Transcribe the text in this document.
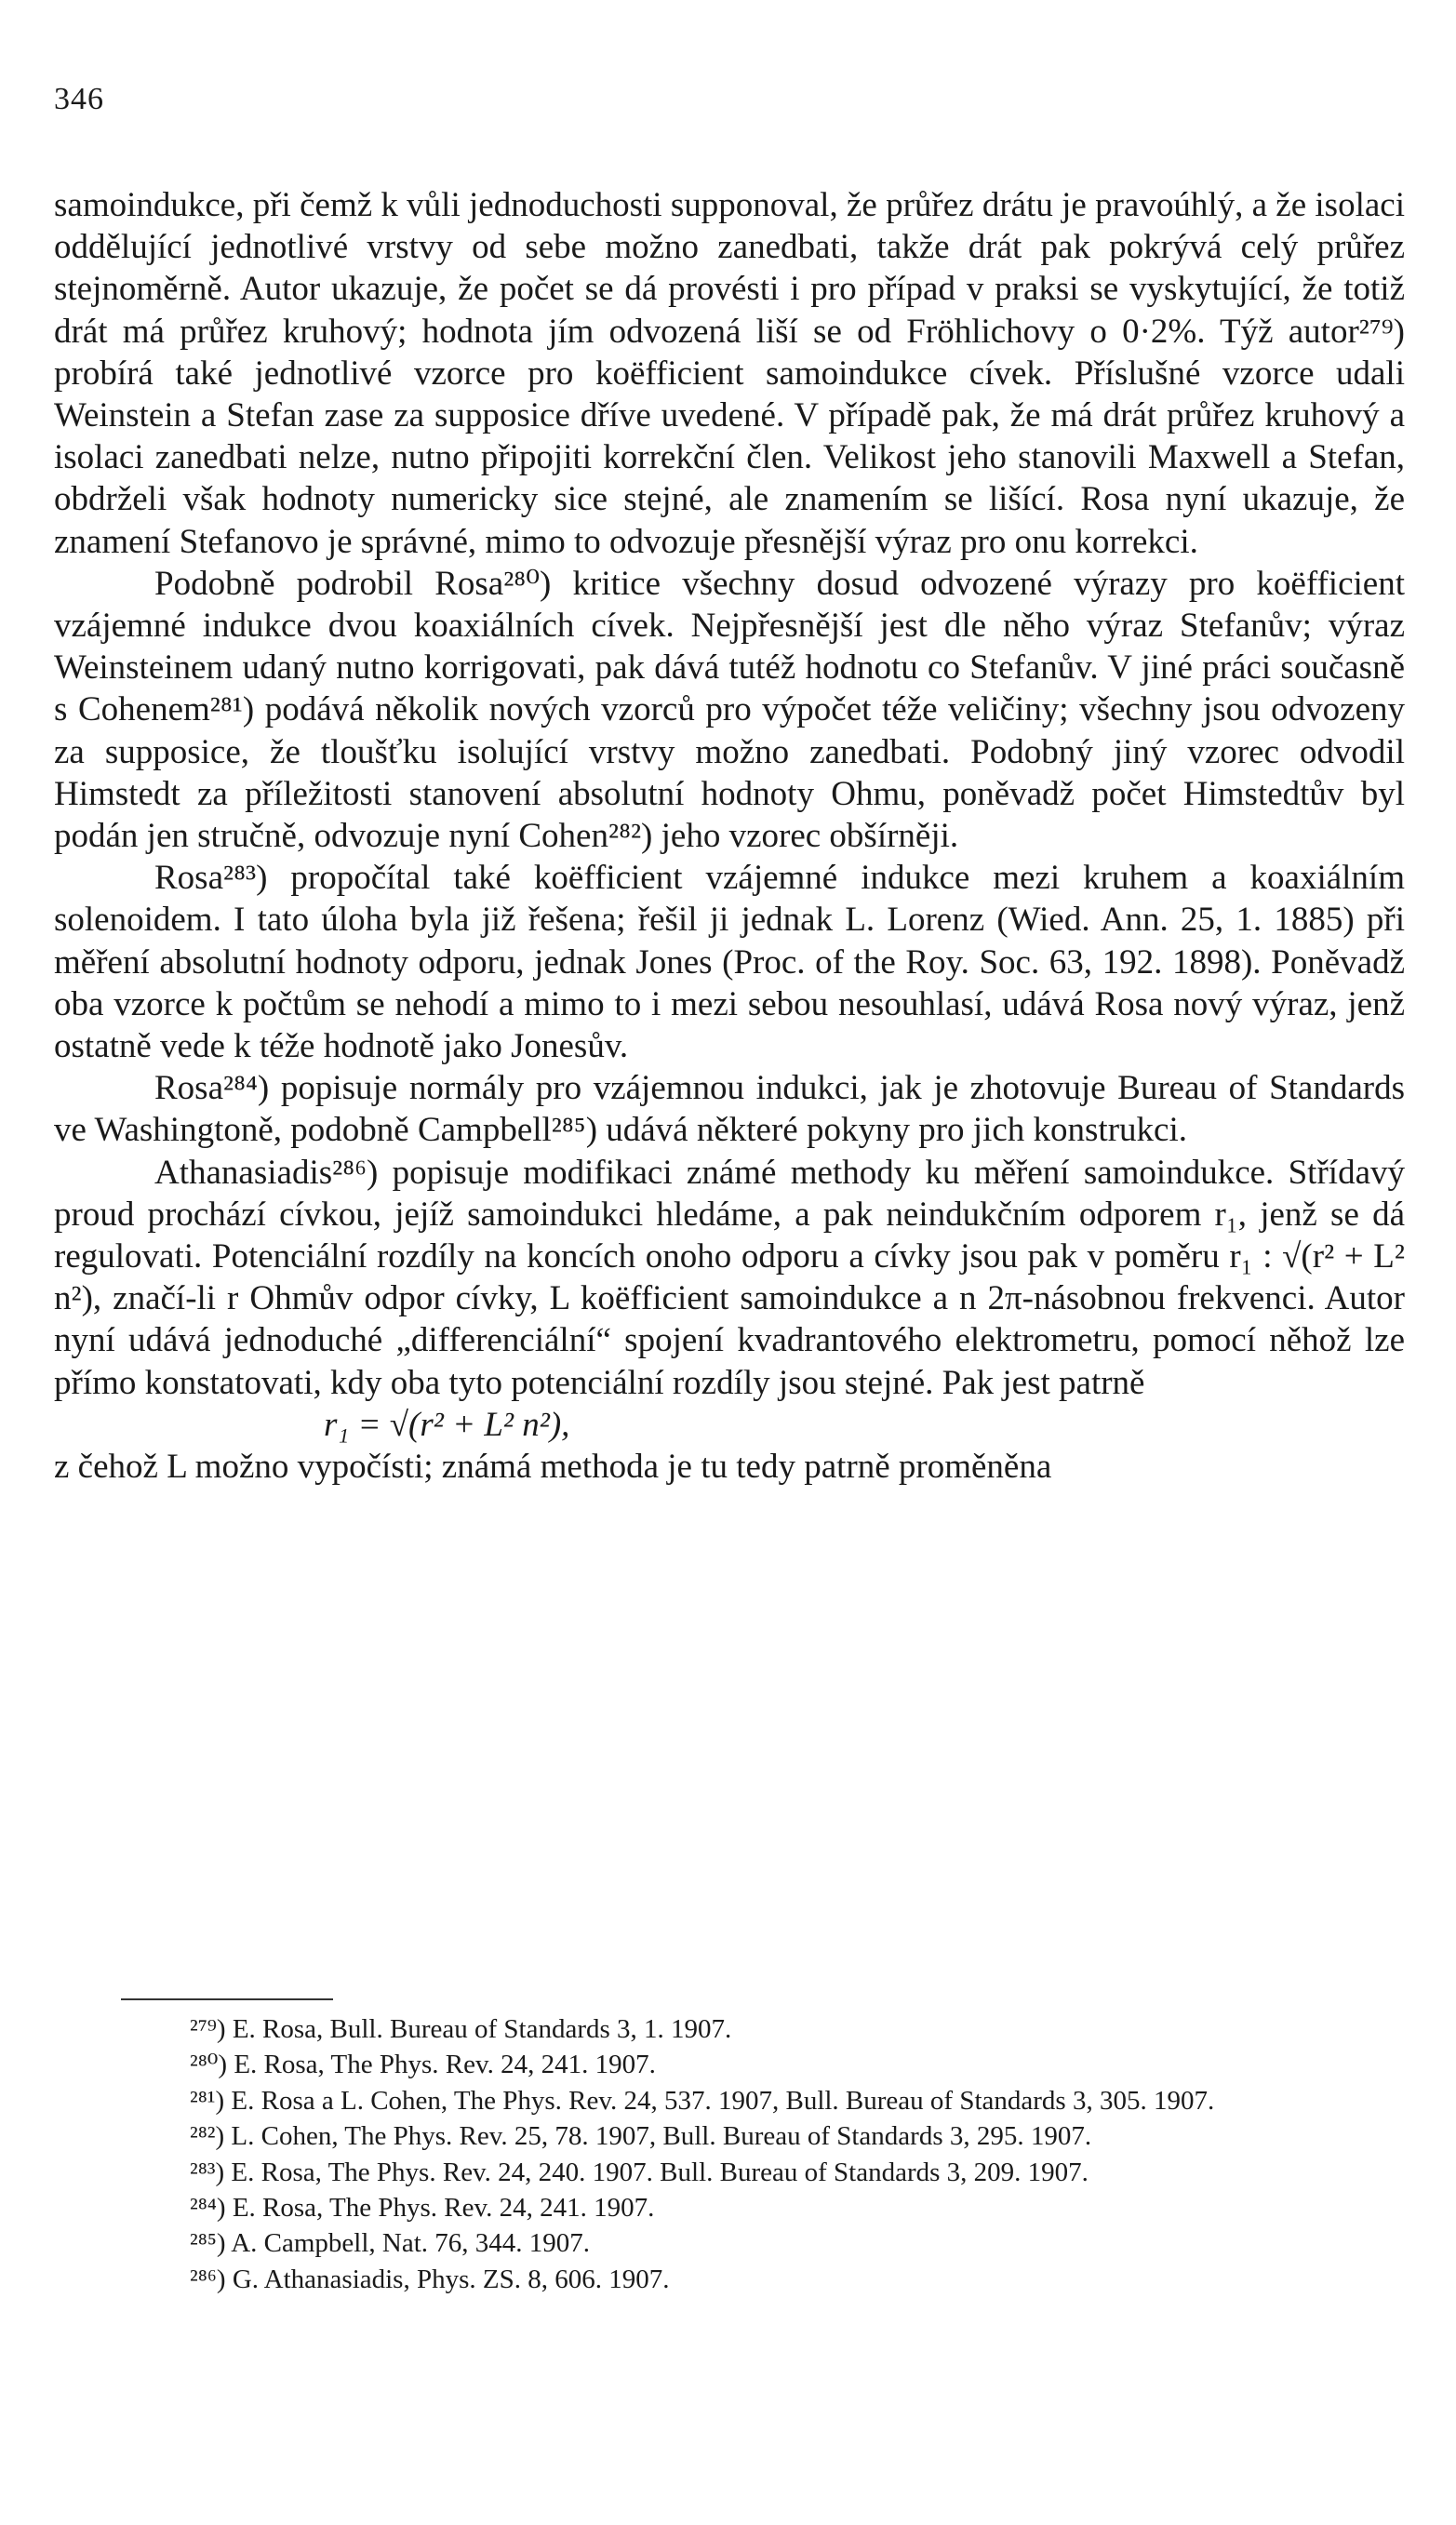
346

samoindukce, při čemž k vůli jednoduchosti supponoval, že průřez drátu je pravoúhlý, a že isolaci oddělující jednotlivé vrstvy od sebe možno zanedbati, takže drát pak pokrývá celý průřez stejnoměrně. Autor ukazuje, že počet se dá provésti i pro případ v praksi se vyskytující, že totiž drát má průřez kruhový; hodnota jím odvozená liší se od Fröhlichovy o 0·2%. Týž autor²⁷⁹) probírá také jednotlivé vzorce pro koëfficient samoindukce cívek. Příslušné vzorce udali Weinstein a Stefan zase za supposice dříve uvedené. V případě pak, že má drát průřez kruhový a isolaci zanedbati nelze, nutno připojiti korrekční člen. Velikost jeho stanovili Maxwell a Stefan, obdrželi však hodnoty numericky sice stejné, ale znamením se lišící. Rosa nyní ukazuje, že znamení Stefanovo je správné, mimo to odvozuje přesnější výraz pro onu korrekci.

Podobně podrobil Rosa²⁸⁰) kritice všechny dosud odvozené výrazy pro koëfficient vzájemné indukce dvou koaxiálních cívek. Nejpřesnější jest dle něho výraz Stefanův; výraz Weinsteinem udaný nutno korrigovati, pak dává tutéž hodnotu co Stefanův. V jiné práci současně s Cohenem²⁸¹) podává několik nových vzorců pro výpočet téže veličiny; všechny jsou odvozeny za supposice, že tloušťku isolující vrstvy možno zanedbati. Podobný jiný vzorec odvodil Himstedt za příležitosti stanovení absolutní hodnoty Ohmu, poněvadž počet Himstedtův byl podán jen stručně, odvozuje nyní Cohen²⁸²) jeho vzorec obšírněji.

Rosa²⁸³) propočítal také koëfficient vzájemné indukce mezi kruhem a koaxiálním solenoidem. I tato úloha byla již řešena; řešil ji jednak L. Lorenz (Wied. Ann. 25, 1. 1885) při měření absolutní hodnoty odporu, jednak Jones (Proc. of the Roy. Soc. 63, 192. 1898). Poněvadž oba vzorce k počtům se nehodí a mimo to i mezi sebou nesouhlasí, udává Rosa nový výraz, jenž ostatně vede k téže hodnotě jako Jonesův.

Rosa²⁸⁴) popisuje normály pro vzájemnou indukci, jak je zhotovuje Bureau of Standards ve Washingtoně, podobně Campbell²⁸⁵) udává některé pokyny pro jich konstrukci.

Athanasiadis²⁸⁶) popisuje modifikaci známé methody ku měření samoindukce. Střídavý proud prochází cívkou, jejíž samoindukci hledáme, a pak neindukčním odporem r₁, jenž se dá regulovati. Potenciální rozdíly na koncích onoho odporu a cívky jsou pak v poměru r₁ : √(r² + L² n²), značí-li r Ohmův odpor cívky, L koëfficient samoindukce a n 2π-násobnou frekvenci. Autor nyní udává jednoduché „differenciální“ spojení kvadrantového elektrometru, pomocí něhož lze přímo konstatovati, kdy oba tyto potenciální rozdíly jsou stejné. Pak jest patrně

r₁ = √(r² + L² n²),

z čehož L možno vypočísti; známá methoda je tu tedy patrně proměněna

²⁷⁹) E. Rosa, Bull. Bureau of Standards 3, 1. 1907.

²⁸⁰) E. Rosa, The Phys. Rev. 24, 241. 1907.

²⁸¹) E. Rosa a L. Cohen, The Phys. Rev. 24, 537. 1907, Bull. Bureau of Standards 3, 305. 1907.

²⁸²) L. Cohen, The Phys. Rev. 25, 78. 1907, Bull. Bureau of Standards 3, 295. 1907.

²⁸³) E. Rosa, The Phys. Rev. 24, 240. 1907. Bull. Bureau of Standards 3, 209. 1907.

²⁸⁴) E. Rosa, The Phys. Rev. 24, 241. 1907.

²⁸⁵) A. Campbell, Nat. 76, 344. 1907.

²⁸⁶) G. Athanasiadis, Phys. ZS. 8, 606. 1907.
